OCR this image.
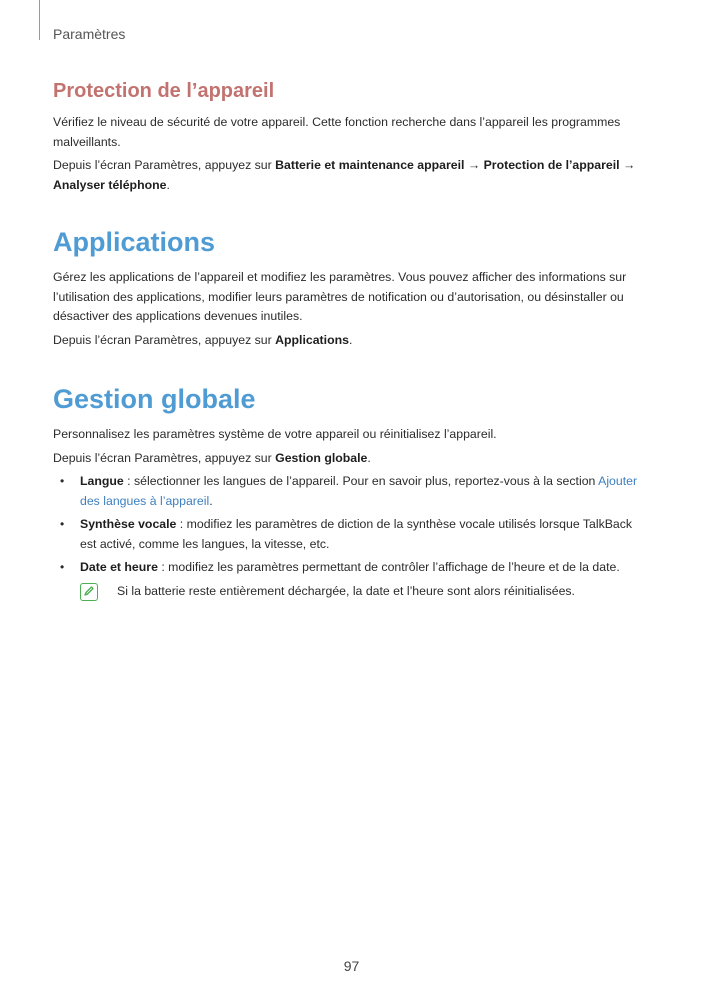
Paramètres
Protection de l’appareil

Vérifiez le niveau de sécurité de votre appareil. Cette fonction recherche dans l’appareil les programmes malveillants.

Depuis l’écran Paramètres, appuyez sur Batterie et maintenance appareil → Protection de l’appareil → Analyser téléphone.

Applications

Gérez les applications de l’appareil et modifiez les paramètres. Vous pouvez afficher des informations sur l’utilisation des applications, modifier leurs paramètres de notification ou d’autorisation, ou désinstaller ou désactiver des applications devenues inutiles.

Depuis l’écran Paramètres, appuyez sur Applications.

Gestion globale

Personnalisez les paramètres système de votre appareil ou réinitialisez l’appareil.

Depuis l’écran Paramètres, appuyez sur Gestion globale.

• Langue : sélectionner les langues de l’appareil. Pour en savoir plus, reportez-vous à la section Ajouter des langues à l’appareil.
• Synthèse vocale : modifiez les paramètres de diction de la synthèse vocale utilisés lorsque TalkBack est activé, comme les langues, la vitesse, etc.
• Date et heure : modifiez les paramètres permettant de contrôler l’affichage de l’heure et de la date.
Si la batterie reste entièrement déchargée, la date et l’heure sont alors réinitialisées.
97
